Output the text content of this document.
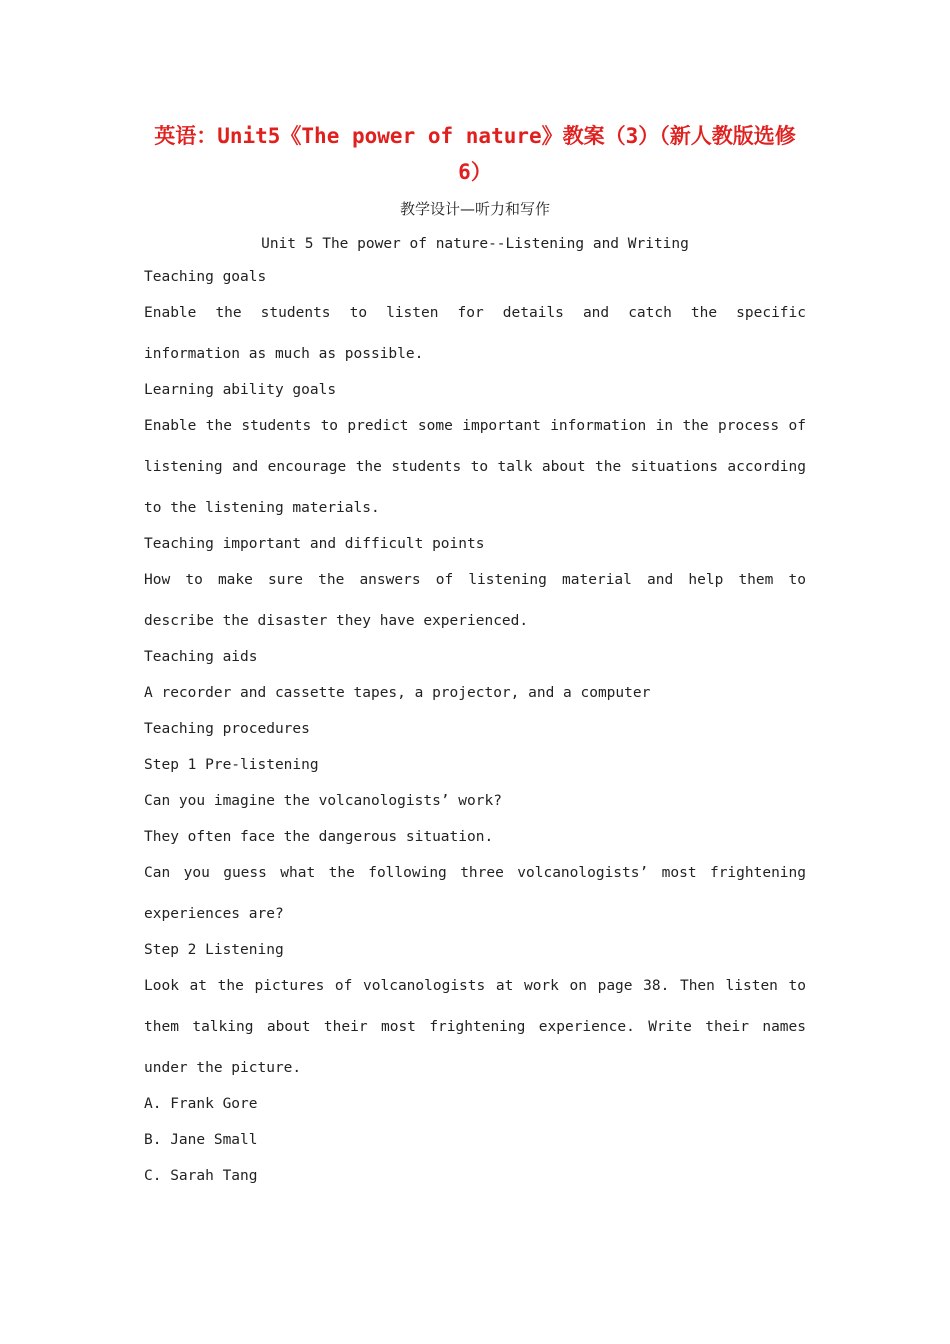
英语：Unit5《The power of nature》教案（3）（新人教版选修6）
教学设计—听力和写作
Unit 5 The power of nature--Listening and Writing

Teaching goals

Enable the students to listen for details and catch the specific information as much as possible.

Learning ability goals

Enable the students to predict some important information in the process of listening and encourage the students to talk about the situations according to the listening materials.

Teaching important and difficult points

How to make sure the answers of listening material and help them to describe the disaster they have experienced.

Teaching aids

A recorder and cassette tapes, a projector, and a computer

Teaching procedures

Step 1 Pre-listening

Can you imagine the volcanologists’ work?

They often face the dangerous situation.

Can you guess what the following three volcanologists’ most frightening experiences are?

Step 2 Listening

Look at the pictures of volcanologists at work on page 38. Then listen to them talking about their most frightening experience. Write their names under the picture.

A. Frank Gore

B. Jane Small

C. Sarah Tang
